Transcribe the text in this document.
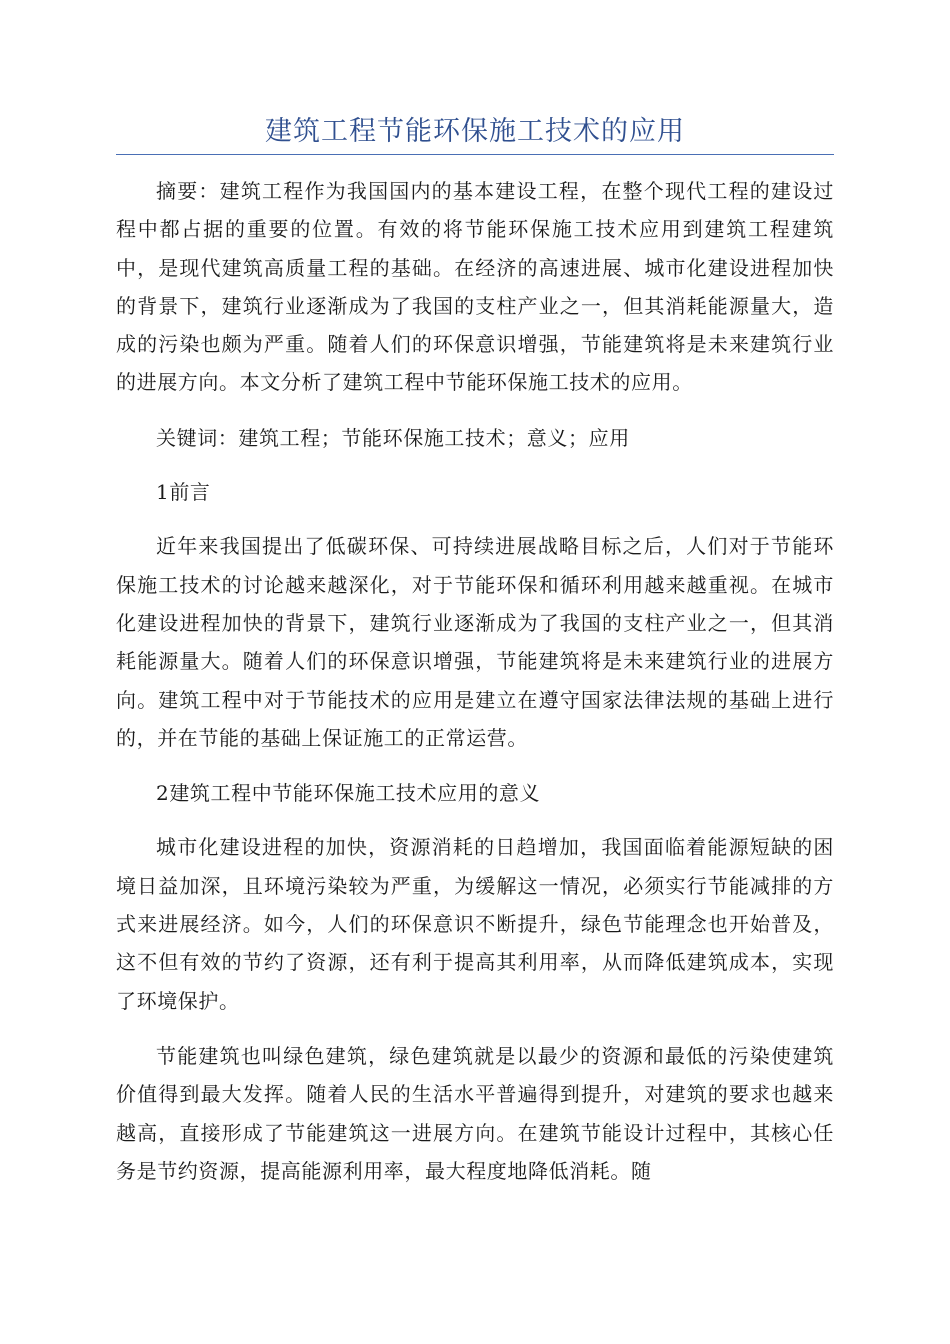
建筑工程节能环保施工技术的应用

摘要：建筑工程作为我国国内的基本建设工程，在整个现代工程的建设过程中都占据的重要的位置。有效的将节能环保施工技术应用到建筑工程建筑中，是现代建筑高质量工程的基础。在经济的高速进展、城市化建设进程加快的背景下，建筑行业逐渐成为了我国的支柱产业之一，但其消耗能源量大，造成的污染也颇为严重。随着人们的环保意识增强，节能建筑将是未来建筑行业的进展方向。本文分析了建筑工程中节能环保施工技术的应用。

关键词：建筑工程；节能环保施工技术；意义；应用

1前言

近年来我国提出了低碳环保、可持续进展战略目标之后，人们对于节能环保施工技术的讨论越来越深化，对于节能环保和循环利用越来越重视。在城市化建设进程加快的背景下，建筑行业逐渐成为了我国的支柱产业之一，但其消耗能源量大。随着人们的环保意识增强，节能建筑将是未来建筑行业的进展方向。建筑工程中对于节能技术的应用是建立在遵守国家法律法规的基础上进行的，并在节能的基础上保证施工的正常运营。

2建筑工程中节能环保施工技术应用的意义

城市化建设进程的加快，资源消耗的日趋增加，我国面临着能源短缺的困境日益加深，且环境污染较为严重，为缓解这一情况，必须实行节能减排的方式来进展经济。如今，人们的环保意识不断提升，绿色节能理念也开始普及，这不但有效的节约了资源，还有利于提高其利用率，从而降低建筑成本，实现了环境保护。

节能建筑也叫绿色建筑，绿色建筑就是以最少的资源和最低的污染使建筑价值得到最大发挥。随着人民的生活水平普遍得到提升，对建筑的要求也越来越高，直接形成了节能建筑这一进展方向。在建筑节能设计过程中，其核心任务是节约资源，提高能源利用率，最大程度地降低消耗。随
